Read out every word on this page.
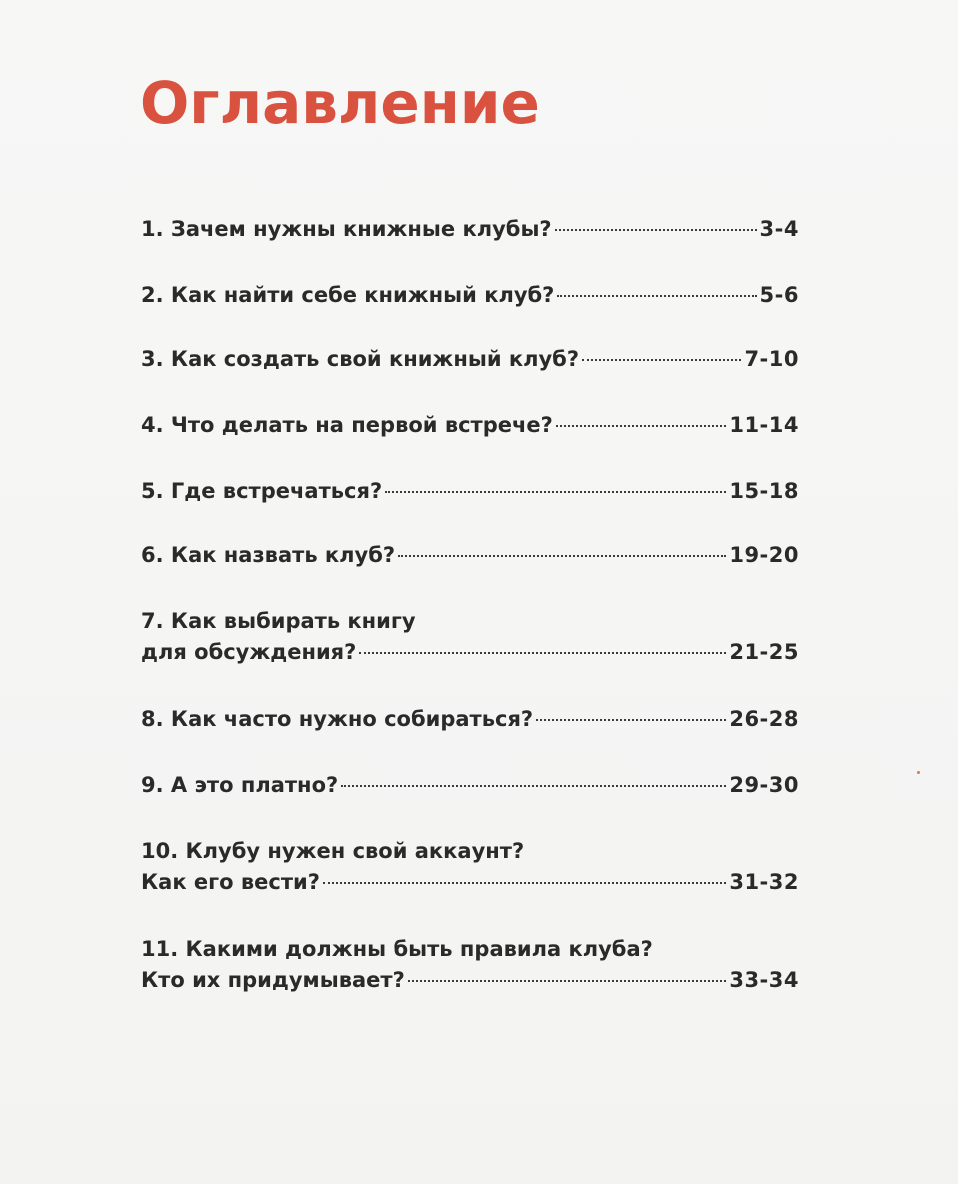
Оглавление
1. Зачем нужны книжные клубы?	3-4
2. Как найти себе книжный клуб?	5-6
3. Как создать свой книжный клуб?	7-10
4. Что делать на первой встрече?	11-14
5. Где встречаться?	15-18
6. Как назвать клуб?	19-20
7. Как выбирать книгу
для обсуждения?	21-25
8. Как часто нужно собираться?	26-28
9. А это платно?	29-30
10. Клубу нужен свой аккаунт?
Как его вести?	31-32
11. Какими должны быть правила клуба?
Кто их придумывает?	33-34
